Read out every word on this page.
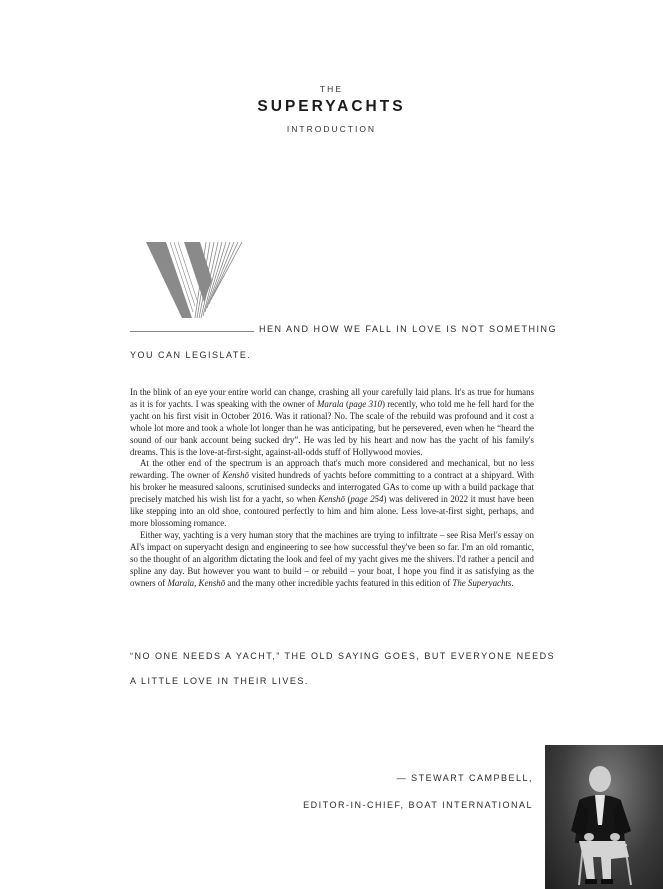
THE
SUPERYACHTS
INTRODUCTION
HEN AND HOW WE FALL IN LOVE IS NOT SOMETHING
YOU CAN LEGISLATE.

In the blink of an eye your entire world can change, crashing all your carefully laid plans. It's as true for humans as it is for yachts. I was speaking with the owner of Marala (page 310) recently, who told me he fell hard for the yacht on his first visit in October 2016. Was it rational? No. The scale of the rebuild was profound and it cost a whole lot more and took a whole lot longer than he was anticipating, but he persevered, even when he “heard the sound of our bank account being sucked dry”. He was led by his heart and now has the yacht of his family's dreams. This is the love-at-first-sight, against-all-odds stuff of Hollywood movies.

At the other end of the spectrum is an approach that's much more considered and mechanical, but no less rewarding. The owner of Kenshō visited hundreds of yachts before committing to a contract at a shipyard. With his broker he measured saloons, scrutinised sundecks and interrogated GAs to come up with a build package that precisely matched his wish list for a yacht, so when Kenshō (page 254) was delivered in 2022 it must have been like stepping into an old shoe, contoured perfectly to him and him alone. Less love-at-first sight, perhaps, and more blossoming romance.

Either way, yachting is a very human story that the machines are trying to infiltrate – see Risa Merl's essay on AI's impact on superyacht design and engineering to see how successful they've been so far. I'm an old romantic, so the thought of an algorithm dictating the look and feel of my yacht gives me the shivers. I'd rather a pencil and spline any day. But however you want to build – or rebuild – your boat, I hope you find it as satisfying as the owners of Marala, Kenshō and the many other incredible yachts featured in this edition of The Superyachts.

“NO ONE NEEDS A YACHT,” THE OLD SAYING GOES, BUT EVERYONE NEEDS
A LITTLE LOVE IN THEIR LIVES.
— STEWART CAMPBELL,
EDITOR-IN-CHIEF, BOAT INTERNATIONAL
